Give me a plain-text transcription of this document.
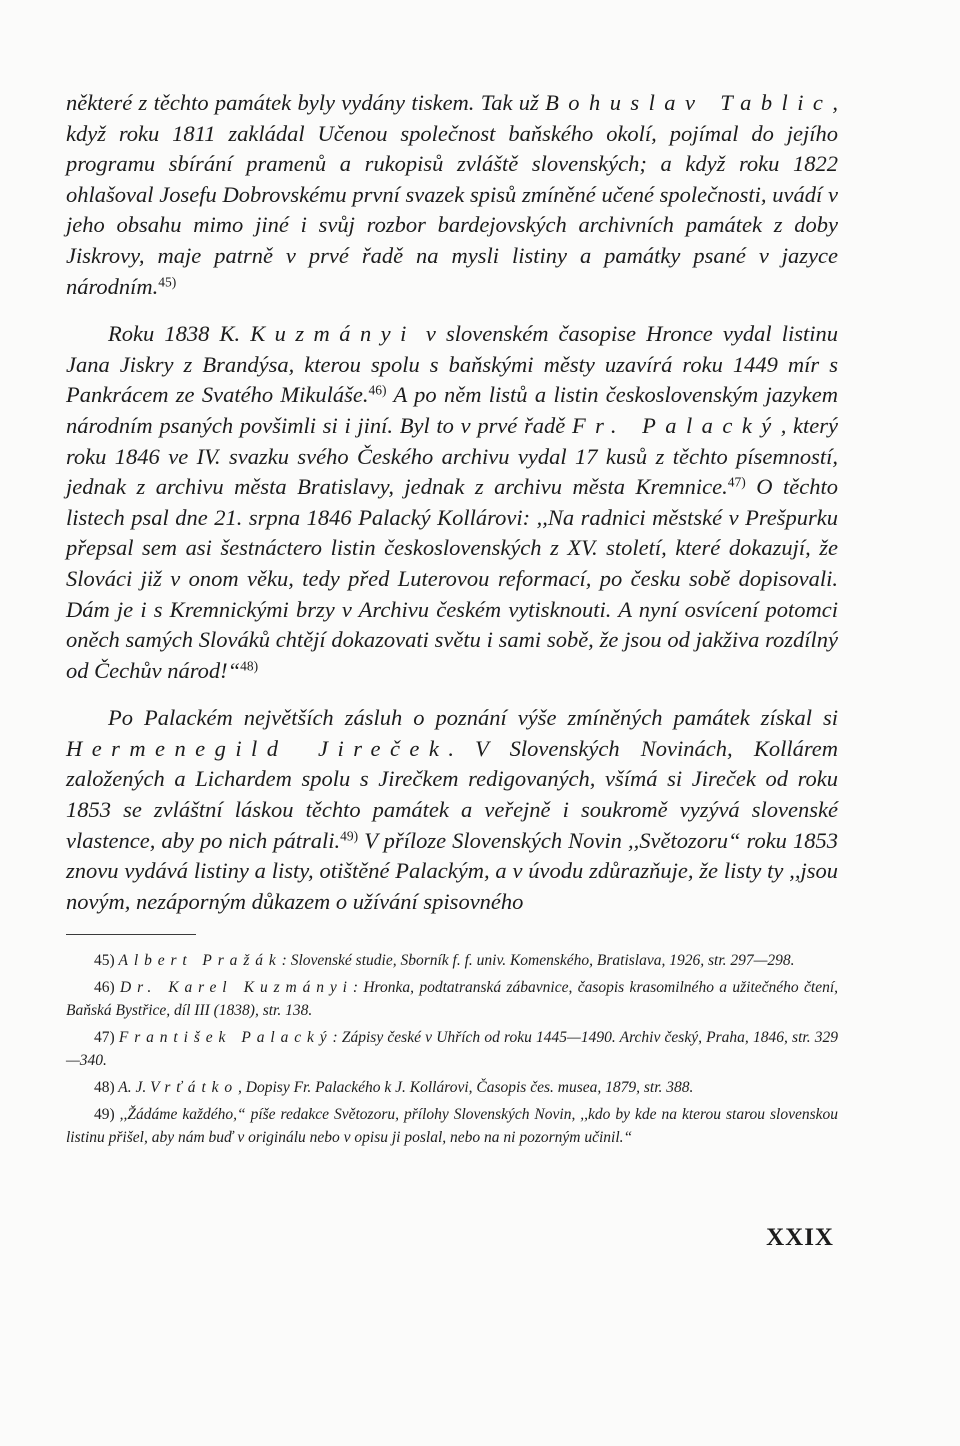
některé z těchto památek byly vydány tiskem. Tak už Bohuslav Tablic, když roku 1811 zakládal Učenou společnost baňského okolí, pojímal do jejího programu sbírání pramenů a rukopisů zvláště slovenských; a když roku 1822 ohlašoval Josefu Dobrovskému první svazek spisů zmíněné učené společnosti, uvádí v jeho obsahu mimo jiné i svůj rozbor bardejovských archivních památek z doby Jiskrovy, maje patrně v prvé řadě na mysli listiny a památky psané v jazyce národním.$^{45)}$

Roku 1838 K. Kuzmányi v slovenském časopise Hronce vydal listinu Jana Jiskry z Brandýsa, kterou spolu s baňskými městy uzavírá roku 1449 mír s Pankrácem ze Svatého Mikuláše.$^{46)}$ A po něm listů a listin československým jazykem národním psaných povšimli si i jiní. Byl to v prvé řadě Fr. Palacký, který roku 1846 ve IV. svazku svého Českého archivu vydal 17 kusů z těchto písemností, jednak z archivu města Bratislavy, jednak z archivu města Kremnice.$^{47)}$ O těchto listech psal dne 21. srpna 1846 Palacký Kollárovi: ,,Na radnici městské v Prešpurku přepsal sem asi šestnáctero listin československých z XV. století, které dokazují, že Slováci již v onom věku, tedy před Luterovou reformací, po česku sobě dopisovali. Dám je i s Kremnickými brzy v Archivu českém vytisknouti. A nyní osvícení potomci oněch samých Slováků chtějí dokazovati světu i sami sobě, že jsou od jakživa rozdílný od Čechův národ!“$^{48)}$

Po Palackém největších zásluh o poznání výše zmíněných památek získal si Hermenegild Jireček. V Slovenských Novinách, Kollárem založených a Lichardem spolu s Jirečkem redigovaných, všímá si Jireček od roku 1853 se zvláštní láskou těchto památek a veřejně i soukromě vyzývá slovenské vlastence, aby po nich pátrali.$^{49)}$ V příloze Slovenských Novin ,,Světozoru“ roku 1853 znovu vydává listiny a listy, otištěné Palackým, a v úvodu zdůrazňuje, že listy ty ,,jsou novým, nezáporným důkazem o užívání spisovného

45) Albert Pražák: Slovenské studie, Sborník f. f. univ. Komenského, Bratislava, 1926, str. 297—298.

46) Dr. Karel Kuzmányi: Hronka, podtatranská zábavnice, časopis krasomilného a užitečného čtení, Baňská Bystřice, díl III (1838), str. 138.

47) František Palacký: Zápisy české v Uhřích od roku 1445—1490. Archiv český, Praha, 1846, str. 329—340.

48) A. J. Vrťátko, Dopisy Fr. Palackého k J. Kollárovi, Časopis čes. musea, 1879, str. 388.

49) ,,Žádáme každého,“ píše redakce Světozoru, přílohy Slovenských Novin, ,,kdo by kde na kterou starou slovenskou listinu přišel, aby nám buď v originálu nebo v opisu ji poslal, nebo na ni pozorným učinil.“

XXIX
